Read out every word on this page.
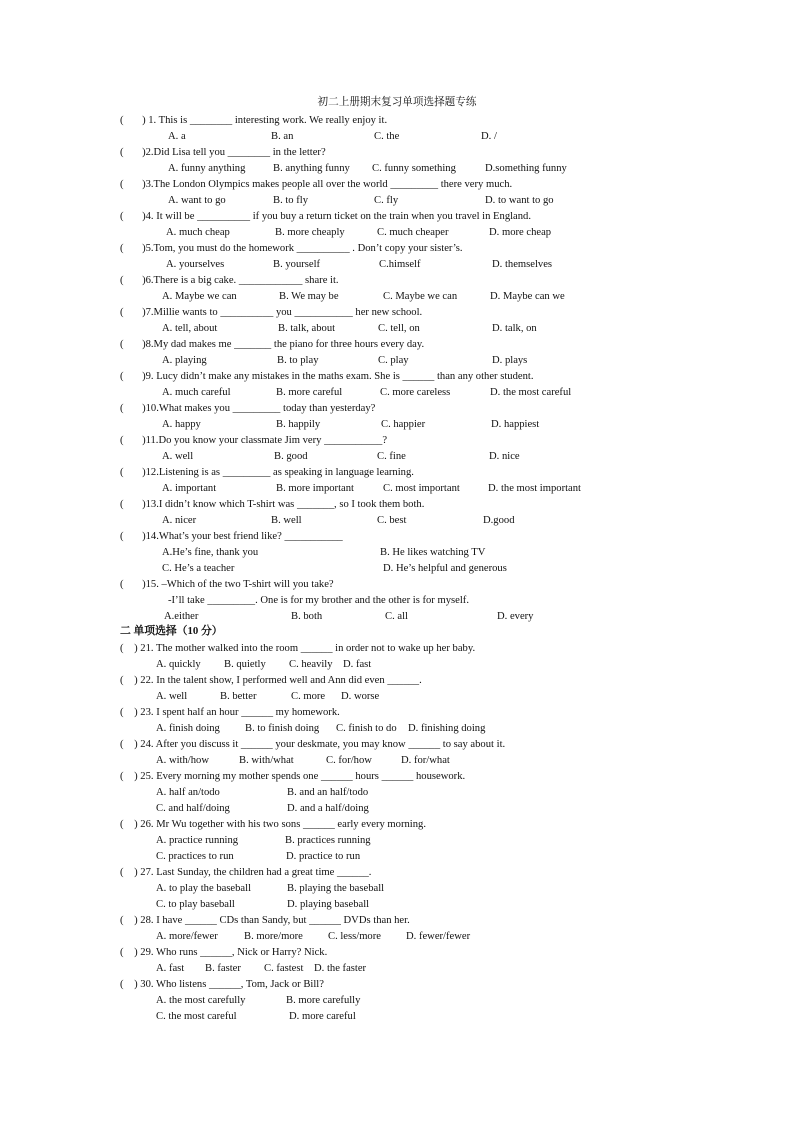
初二上册期末复习单项选择题专练
二 单项选择（10 分）
(       ) 1. This is ________ interesting work. We really enjoy it.
A. a	B. an	C. the	D. /
(       )2.Did Lisa tell you ________ in the letter?
A. funny anything	B. anything funny C. funny something	D.something funny
(       )3.The London Olympics makes people all over the world _________ there very much.
A. want to go	B. to fly	C. fly	D. to want to go
(       )4. It will be __________ if you buy a return ticket on the train when you travel in England.
A. much cheap	B. more cheaply	C. much cheaper	D. more cheap
(       )5.Tom, you must do the homework __________ . Don’t copy your sister’s.
A. yourselves	B. yourself	C.himself	D. themselves
(       )6.There is a big cake. ____________ share it.
A. Maybe we can	B. We may be	C. Maybe we can	D. Maybe can we
(       )7.Millie wants to __________ you ___________ her new school.
A. tell, about	B. talk, about	C. tell, on	D. talk, on
(       )8.My dad makes me _______ the piano for three hours every day.
A. playing	B. to play	C. play	D. plays
(       )9. Lucy didn’t make any mistakes in the maths exam. She is ______ than any other student.
A. much careful	B. more careful	C. more careless	D. the most careful
(       )10.What makes you _________ today than yesterday?
A. happy	B. happily	C. happier	D. happiest
(       )11.Do you know your classmate Jim very ___________?
A. well	B. good	C. fine	D. nice
(       )12.Listening is as _________ as speaking in language learning.
A. important	B. more important	C. most important	D. the most important
(       )13.I didn’t know which T-shirt was _______, so I took them both.
A. nicer	B. well	C. best	D.good
(       )14.What’s your best friend like? ___________
A.He’s fine, thank you	B. He likes watching TV
C. He’s a teacher	D. He’s helpful and generous
(       )15. –Which of the two T-shirt will you take?
-I’ll take _________. One is for my brother and the other is for myself.
A.either	B. both	C. all	D. every
(    ) 21. The mother walked into the room ______ in order not to wake up her baby.
A. quickly B. quietly C. heavily D. fast
(    ) 22. In the talent show, I performed well and Ann did even ______.
A. well	B. better	C. more D. worse
(    ) 23. I spent half an hour ______ my homework.
A. finish doing B. to finish doing C. finish to do D. finishing doing
(    ) 24. After you discuss it ______ your deskmate, you may know ______ to say about it.
A. with/how	B. with/what	C. for/how	D. for/what
(    ) 25. Every morning my mother spends one ______ hours ______ housework.
A. half an/todo	B. and an half/todo
C. and half/doing	D. and a half/doing
(    ) 26. Mr Wu together with his two sons ______ early every morning.
A. practice running	B. practices running
C. practices to run	D. practice to run
(    ) 27. Last Sunday, the children had a great time ______.
A. to play the baseball	B. playing the baseball
C. to play baseball	D. playing baseball
(    ) 28. I have ______ CDs than Sandy, but ______ DVDs than her.
A. more/fewer B. more/more C. less/more D. fewer/fewer
(    ) 29. Who runs ______, Nick or Harry? Nick.
A. fast B. faster C. fastest D. the faster
(    ) 30. Who listens ______, Tom, Jack or Bill?
A. the most carefully	B. more carefully
C. the most careful	D. more careful
